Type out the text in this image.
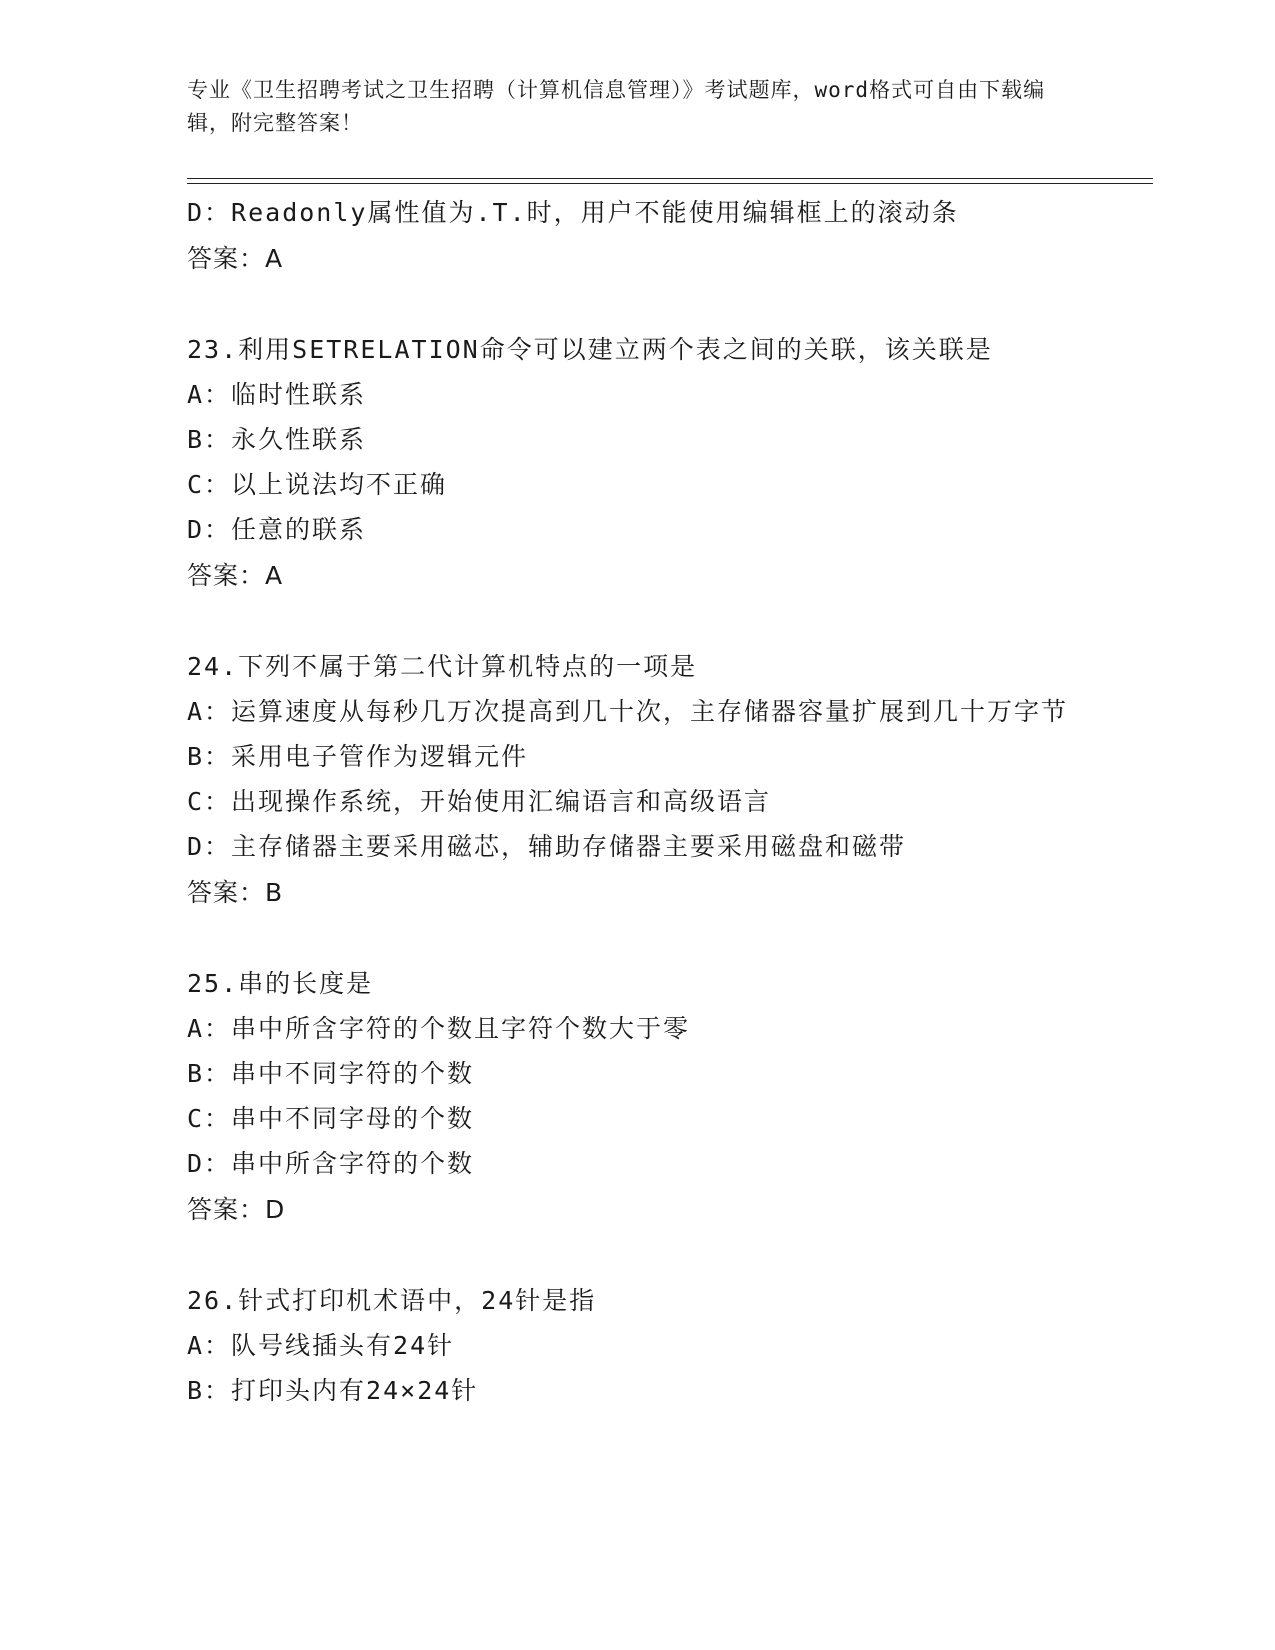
专业《卫生招聘考试之卫生招聘（计算机信息管理）》考试题库，word格式可自由下载编辑，附完整答案！
D：Readonly属性值为.T.时，用户不能使用编辑框上的滚动条
答案：A
23.利用SETRELATION命令可以建立两个表之间的关联，该关联是
A：临时性联系
B：永久性联系
C：以上说法均不正确
D：任意的联系
答案：A
24.下列不属于第二代计算机特点的一项是
A：运算速度从每秒几万次提高到几十次，主存储器容量扩展到几十万字节
B：采用电子管作为逻辑元件
C：出现操作系统，开始使用汇编语言和高级语言
D：主存储器主要采用磁芯，辅助存储器主要采用磁盘和磁带
答案：B
25.串的长度是
A：串中所含字符的个数且字符个数大于零
B：串中不同字符的个数
C：串中不同字母的个数
D：串中所含字符的个数
答案：D
26.针式打印机术语中，24针是指
A：队号线插头有24针
B：打印头内有24×24针
